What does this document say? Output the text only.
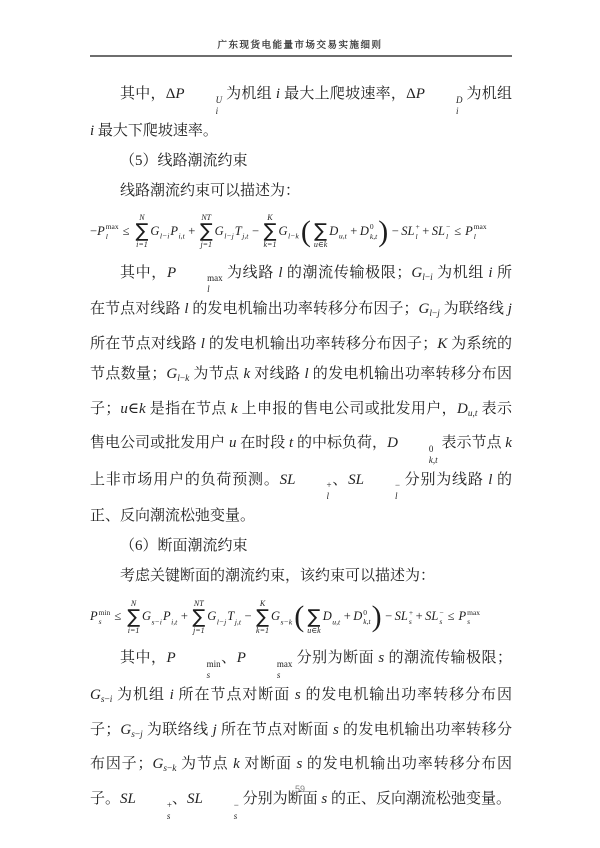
广东现货电能量市场交易实施细则

其中，ΔP	U
i
为机组 i 最大上爬坡速率，ΔP	D
i
为机组 i 最大下爬坡速率。

（5）线路潮流约束

线路潮流约束可以描述为：

− P max
l ≤
N
∑
i=1
G l−i P i,t +
NT
∑
j=1
G l−j T j,t −
K
∑
k=1
G l−k (
∑
u∈k
D u,t + D 0
k,t ) − SL +
l + SL −
l ≤ P max
l

其中，P	max
l
为线路 l 的潮流传输极限；$G_{l-i}$ 为机组 i 所在节点对线路 l 的发电机输出功率转移分布因子；$G_{l-j}$ 为联络线 j 所在节点对线路 l 的发电机输出功率转移分布因子；K 为系统的节点数量；$G_{l-k}$ 为节点 k 对线路 l 的发电机输出功率转移分布因子；u∈k 是指在节点 k 上申报的售电公司或批发用户，$D_{u,t}$ 表示售电公司或批发用户 u 在时段 t 的中标负荷，D	0
k,t
表示节点 k 上非市场用户的负荷预测。SL	+
l
、SL	−
l
分别为线路 l 的正、反向潮流松弛变量。

（6）断面潮流约束

考虑关键断面的潮流约束，该约束可以描述为：

P min
s ≤
N
∑
i=1
G s−i P i,t +
NT
∑
j=1
G l−j T j,t −
K
∑
k=1
G s−k (
∑
u∈k
D u,t + D 0
k,t ) − SL +
s + SL −
s ≤ P max
s

其中，P	min
s
、P	max
s
分别为断面 s 的潮流传输极限；$G_{s-i}$ 为机组 i 所在节点对断面 s 的发电机输出功率转移分布因子；$G_{s-j}$ 为联络线 j 所在节点对断面 s 的发电机输出功率转移分布因子；$G_{s-k}$ 为节点 k 对断面 s 的发电机输出功率转移分布因子。SL	+
s
、SL	−
s
分别为断面 s 的正、反向潮流松弛变量。

59
